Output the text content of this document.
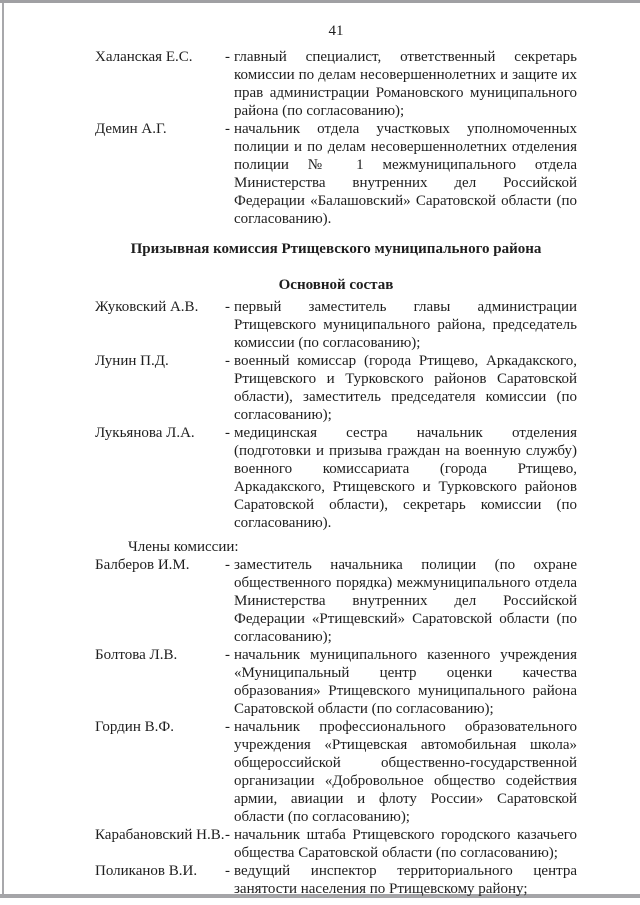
41
Халанская Е.С.	- главный специалист, ответственный секретарь комиссии по делам несовершеннолетних и защите их прав администрации Романовского муниципального района (по согласованию);
Демин А.Г.	- начальник отдела участковых уполномоченных полиции и по делам несовершеннолетних отделения полиции № 1 межмуниципального отдела Министерства внутренних дел Российской Федерации «Балашовский» Саратовской области (по согласованию).
Призывная комиссия Ртищевского муниципального района
Основной состав
Жуковский А.В.	- первый заместитель главы администрации Ртищевского муниципального района, председатель комиссии (по согласованию);
Лунин П.Д.	- военный комиссар (города Ртищево, Аркадакского, Ртищевского и Турковского районов Саратовской области), заместитель председателя комиссии (по согласованию);
Лукьянова Л.А.	- медицинская сестра начальник отделения (подготовки и призыва граждан на военную службу) военного комиссариата (города Ртищево, Аркадакского, Ртищевского и Турковского районов Саратовской области), секретарь комиссии (по согласованию).
Члены комиссии:
Балберов И.М.	- заместитель начальника полиции (по охране общественного порядка) межмуниципального отдела Министерства внутренних дел Российской Федерации «Ртищевский» Саратовской области (по согласованию);
Болтова Л.В.	- начальник муниципального казенного учреждения «Муниципальный центр оценки качества образования» Ртищевского муниципального района Саратовской области (по согласованию);
Гордин В.Ф.	- начальник профессионального образовательного учреждения «Ртищевская автомобильная школа» общероссийской общественно-государственной организации «Добровольное общество содействия армии, авиации и флоту России» Саратовской области (по согласованию);
Карабановский Н.В. - начальник штаба Ртищевского городского казачьего общества Саратовской области (по согласованию);
Поликанов В.И.	- ведущий инспектор территориального центра занятости населения по Ртищевскому району;
